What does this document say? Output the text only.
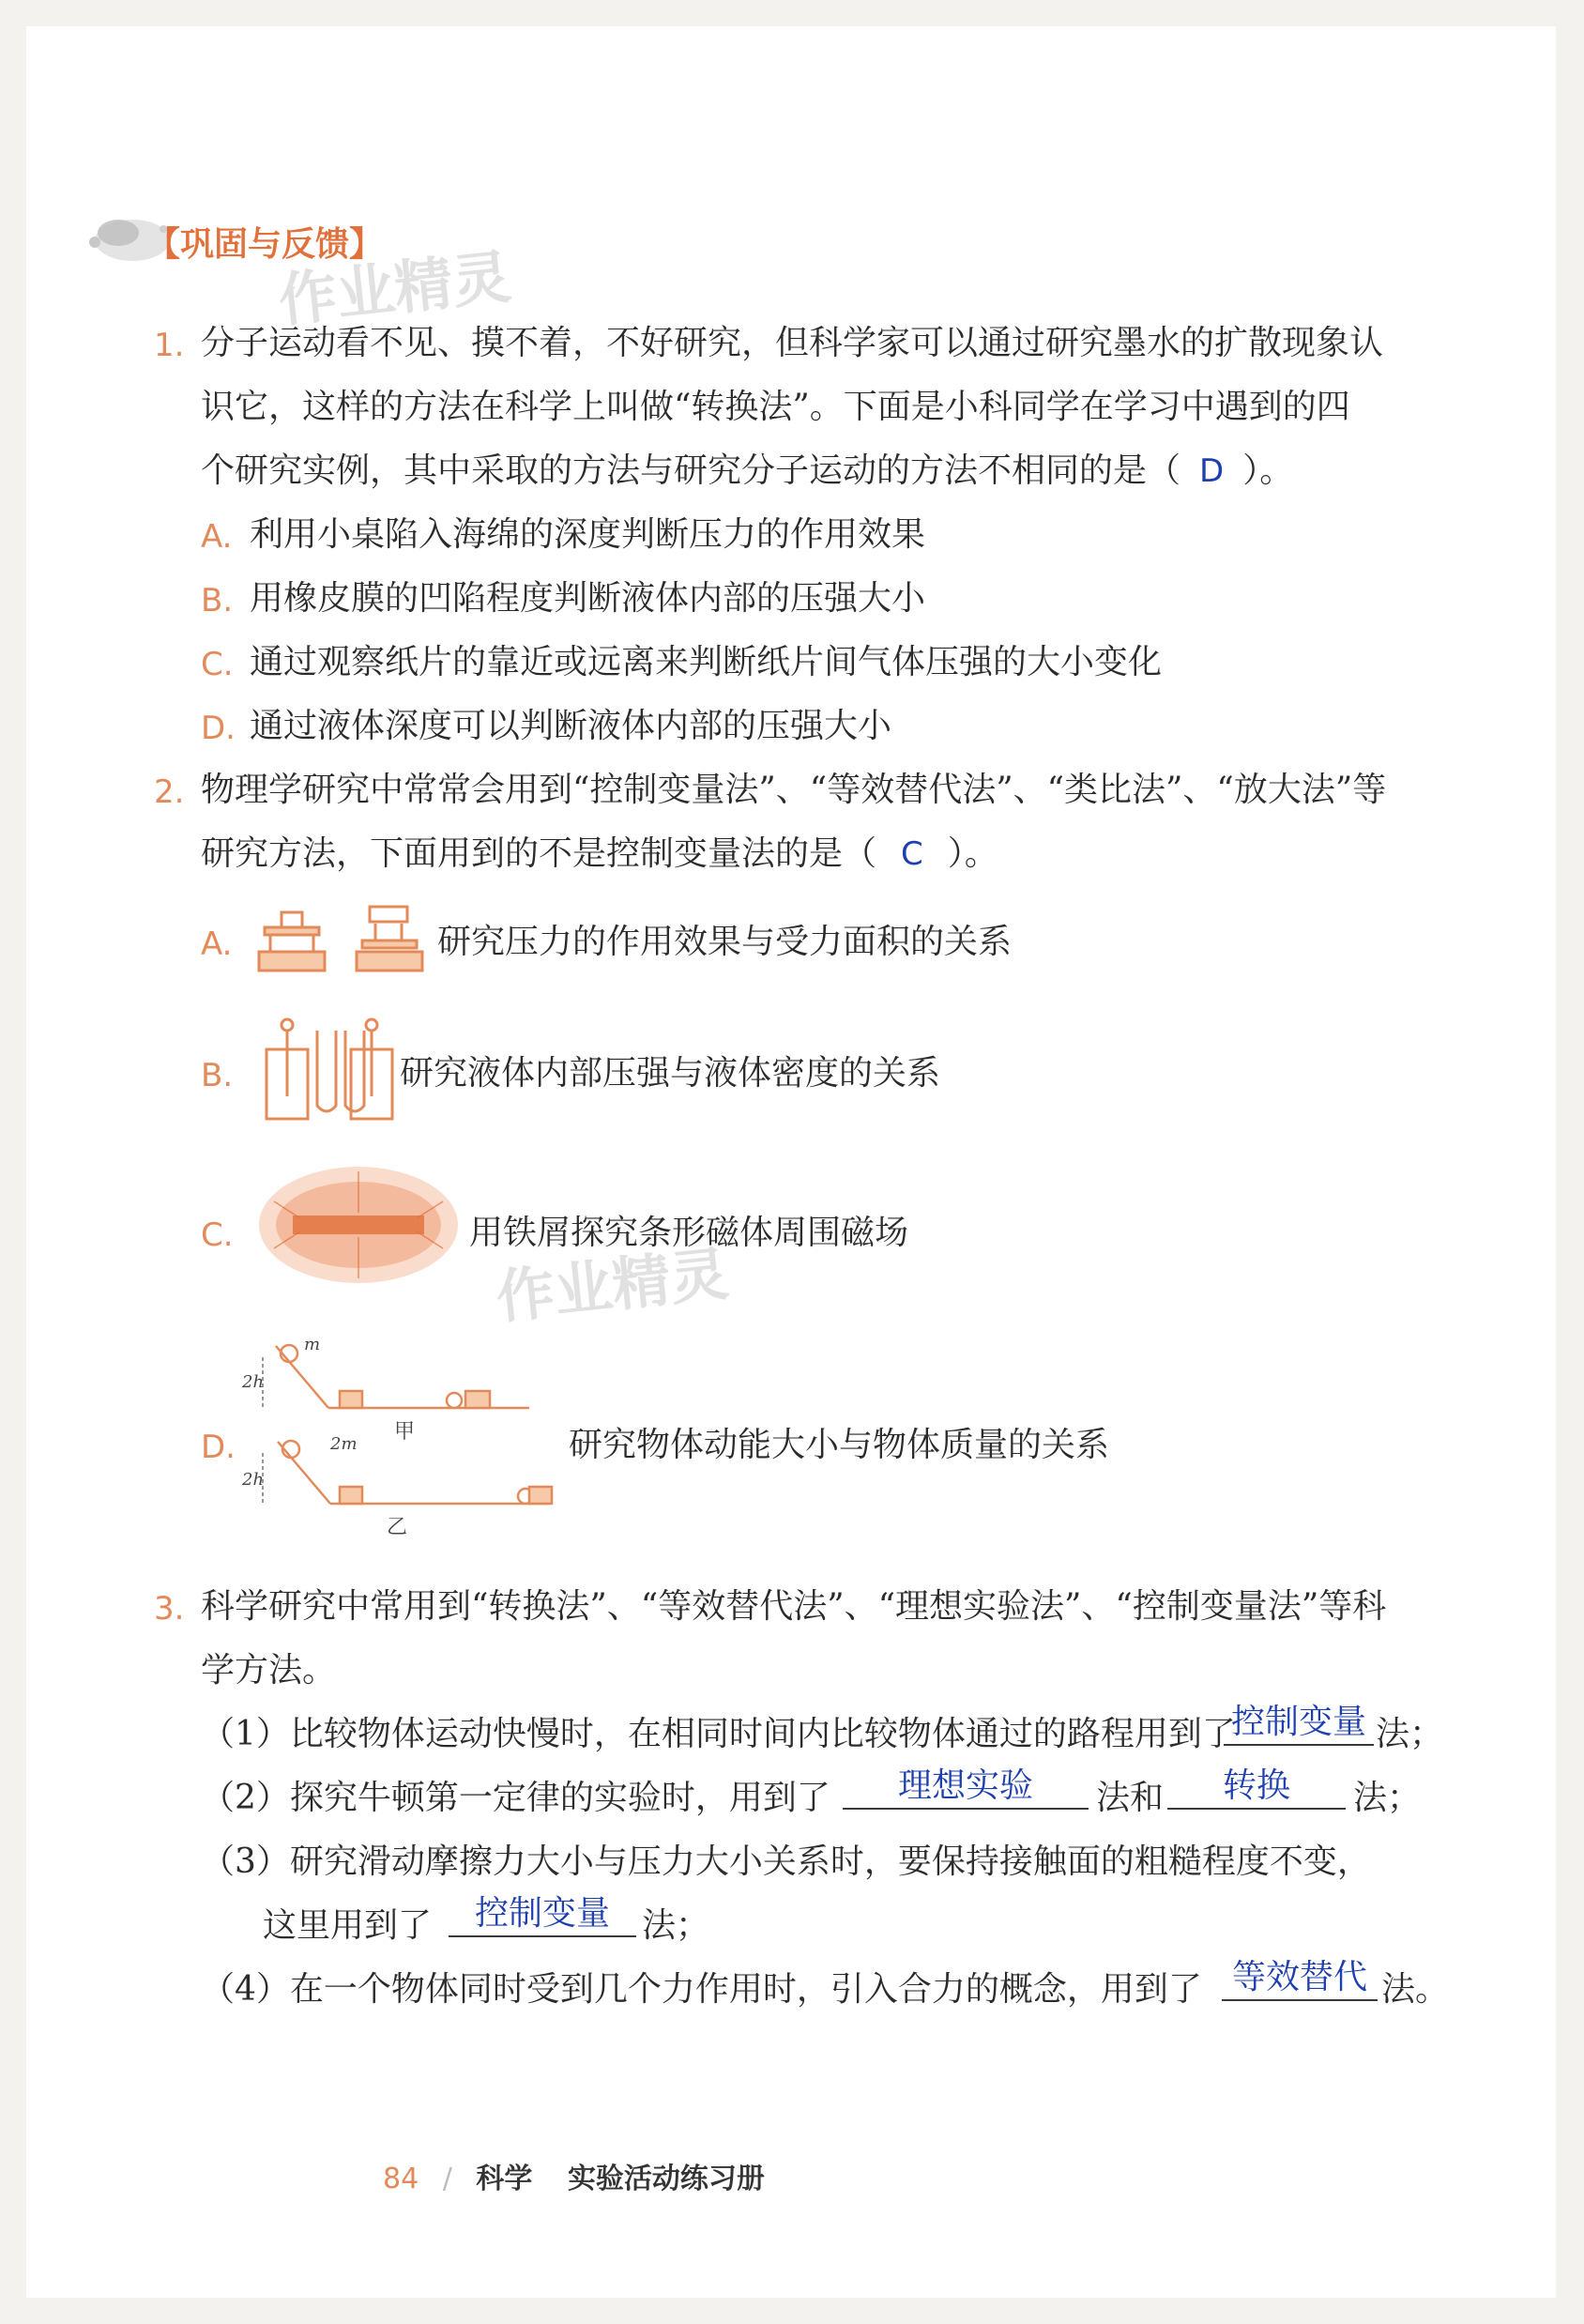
【巩固与反馈】
作业精灵
1. 分子运动看不见、摸不着，不好研究，但科学家可以通过研究墨水的扩散现象认
识它，这样的方法在科学上叫做“转换法”。下面是小科同学在学习中遇到的四
个研究实例，其中采取的方法与研究分子运动的方法不相同的是（ D ）。
A. 利用小桌陷入海绵的深度判断压力的作用效果
B. 用橡皮膜的凹陷程度判断液体内部的压强大小
C. 通过观察纸片的靠近或远离来判断纸片间气体压强的大小变化
D. 通过液体深度可以判断液体内部的压强大小
2. 物理学研究中常常会用到“控制变量法”、“等效替代法”、“类比法”、“放大法”等
研究方法，下面用到的不是控制变量法的是（ C ）。
A.	研究压力的作用效果与受力面积的关系
B.	研究液体内部压强与液体密度的关系
C.	用铁屑探究条形磁体周围磁场
作业精灵
D.
m
2h
甲
2m
2h
乙
研究物体动能大小与物体质量的关系
3. 科学研究中常用到“转换法”、“等效替代法”、“理想实验法”、“控制变量法”等科
学方法。
（1）比较物体运动快慢时，在相同时间内比较物体通过的路程用到了
控制变量 法；
（2）探究牛顿第一定律的实验时，用到了	理想实验	法和	转换	法；
（3）研究滑动摩擦力大小与压力大小关系时，要保持接触面的粗糙程度不变，
这里用到了	控制变量 法；
（4）在一个物体同时受到几个力作用时，引入合力的概念，用到了 等效替代 法。
84 / 科学 实验活动练习册
